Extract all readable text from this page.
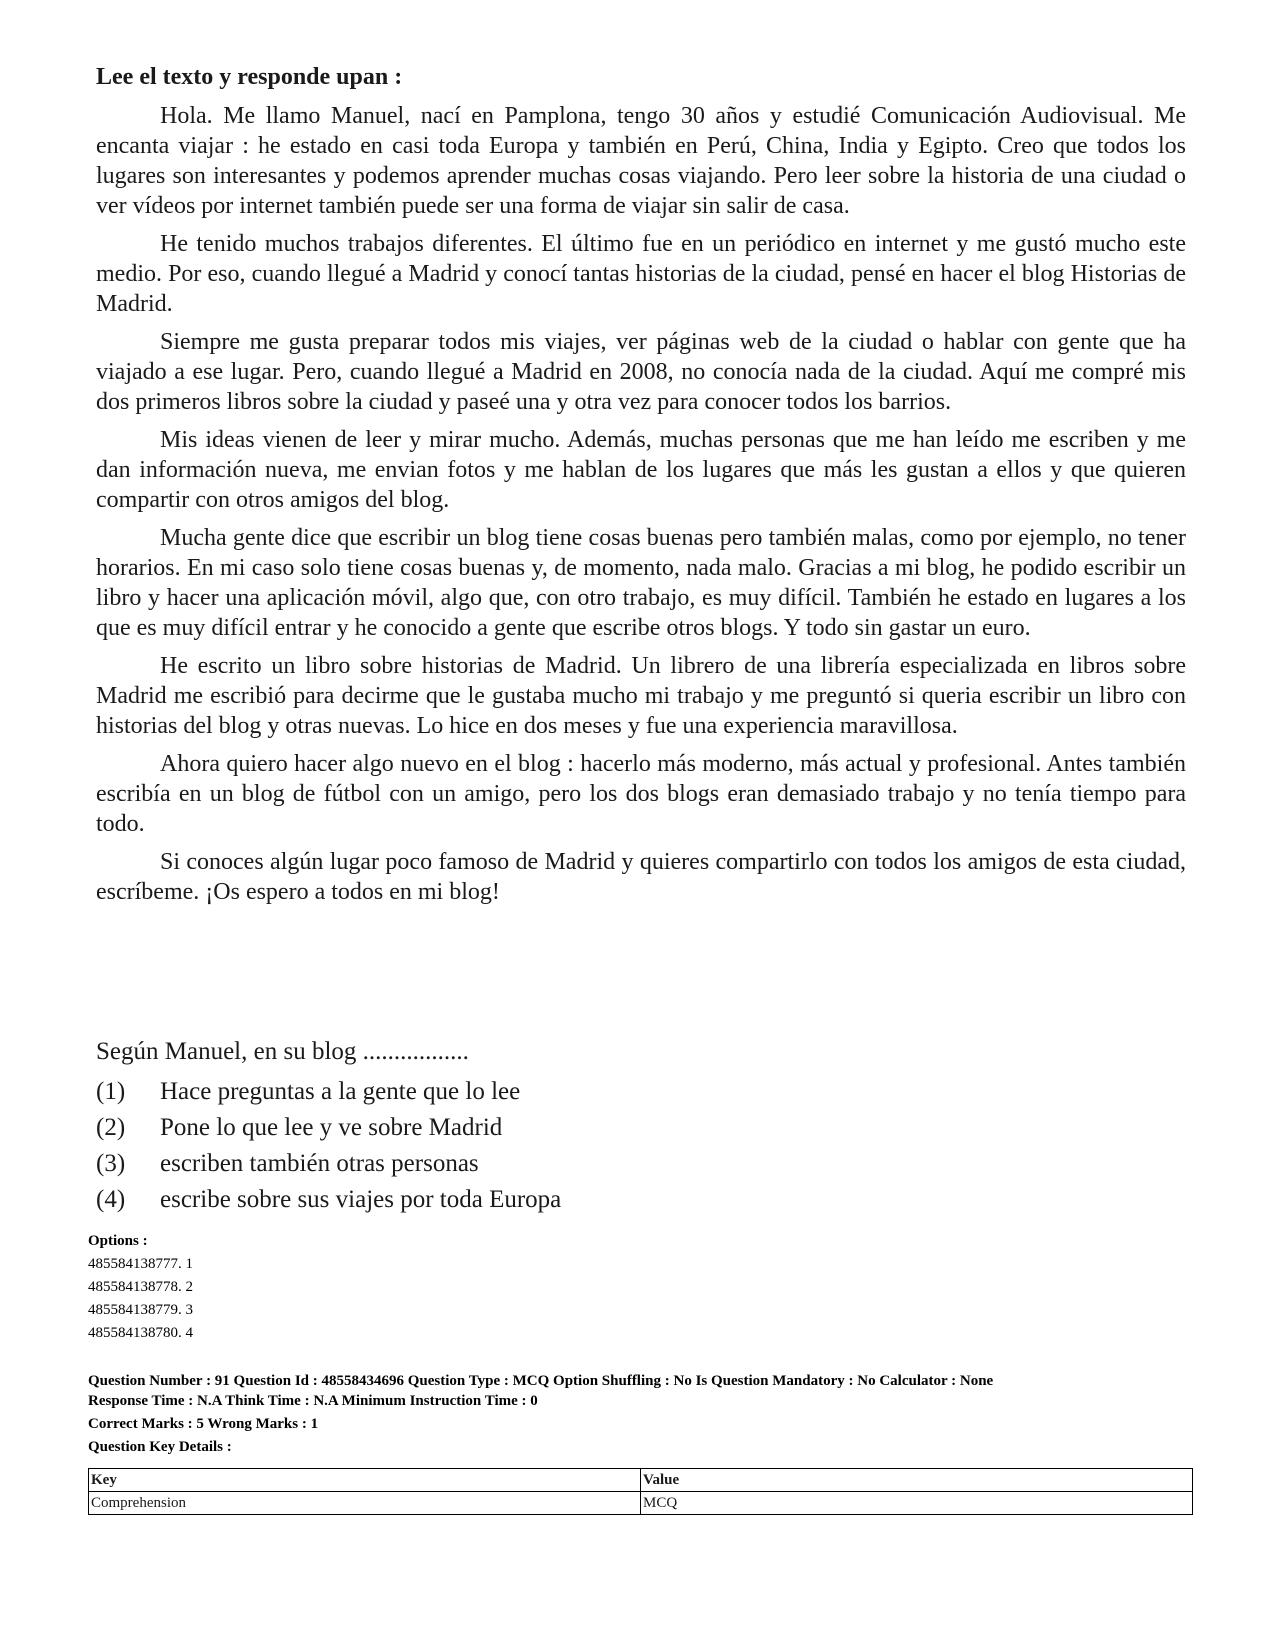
Lee el texto y responde upan :

Hola. Me llamo Manuel, nací en Pamplona, tengo 30 años y estudié Comunicación Audiovisual. Me encanta viajar : he estado en casi toda Europa y también en Perú, China, India y Egipto. Creo que todos los lugares son interesantes y podemos aprender muchas cosas viajando. Pero leer sobre la historia de una ciudad o ver vídeos por internet también puede ser una forma de viajar sin salir de casa.

He tenido muchos trabajos diferentes. El último fue en un periódico en internet y me gustó mucho este medio. Por eso, cuando llegué a Madrid y conocí tantas historias de la ciudad, pensé en hacer el blog Historias de Madrid.

Siempre me gusta preparar todos mis viajes, ver páginas web de la ciudad o hablar con gente que ha viajado a ese lugar. Pero, cuando llegué a Madrid en 2008, no conocía nada de la ciudad. Aquí me compré mis dos primeros libros sobre la ciudad y paseé una y otra vez para conocer todos los barrios.

Mis ideas vienen de leer y mirar mucho. Además, muchas personas que me han leído me escriben y me dan información nueva, me envian fotos y me hablan de los lugares que más les gustan a ellos y que quieren compartir con otros amigos del blog.

Mucha gente dice que escribir un blog tiene cosas buenas pero también malas, como por ejemplo, no tener horarios. En mi caso solo tiene cosas buenas y, de momento, nada malo. Gracias a mi blog, he podido escribir un libro y hacer una aplicación móvil, algo que, con otro trabajo, es muy difícil. También he estado en lugares a los que es muy difícil entrar y he conocido a gente que escribe otros blogs. Y todo sin gastar un euro.

He escrito un libro sobre historias de Madrid. Un librero de una librería especializada en libros sobre Madrid me escribió para decirme que le gustaba mucho mi trabajo y me preguntó si queria escribir un libro con historias del blog y otras nuevas. Lo hice en dos meses y fue una experiencia maravillosa.

Ahora quiero hacer algo nuevo en el blog : hacerlo más moderno, más actual y profesional. Antes también escribía en un blog de fútbol con un amigo, pero los dos blogs eran demasiado trabajo y no tenía tiempo para todo.

Si conoces algún lugar poco famoso de Madrid y quieres compartirlo con todos los amigos de esta ciudad, escríbeme. ¡Os espero a todos en mi blog!

Según Manuel, en su blog .................
(1)	Hace preguntas a la gente que lo lee
(2)	Pone lo que lee y ve sobre Madrid
(3)	escriben también otras personas
(4)	escribe sobre sus viajes por toda Europa
Options :
485584138777. 1
485584138778. 2
485584138779. 3
485584138780. 4
Question Number : 91 Question Id : 48558434696 Question Type : MCQ Option Shuffling : No Is Question Mandatory : No Calculator : None
Response Time : N.A Think Time : N.A Minimum Instruction Time : 0
Correct Marks : 5 Wrong Marks : 1
Question Key Details :
Key	Value
Comprehension	MCQ
